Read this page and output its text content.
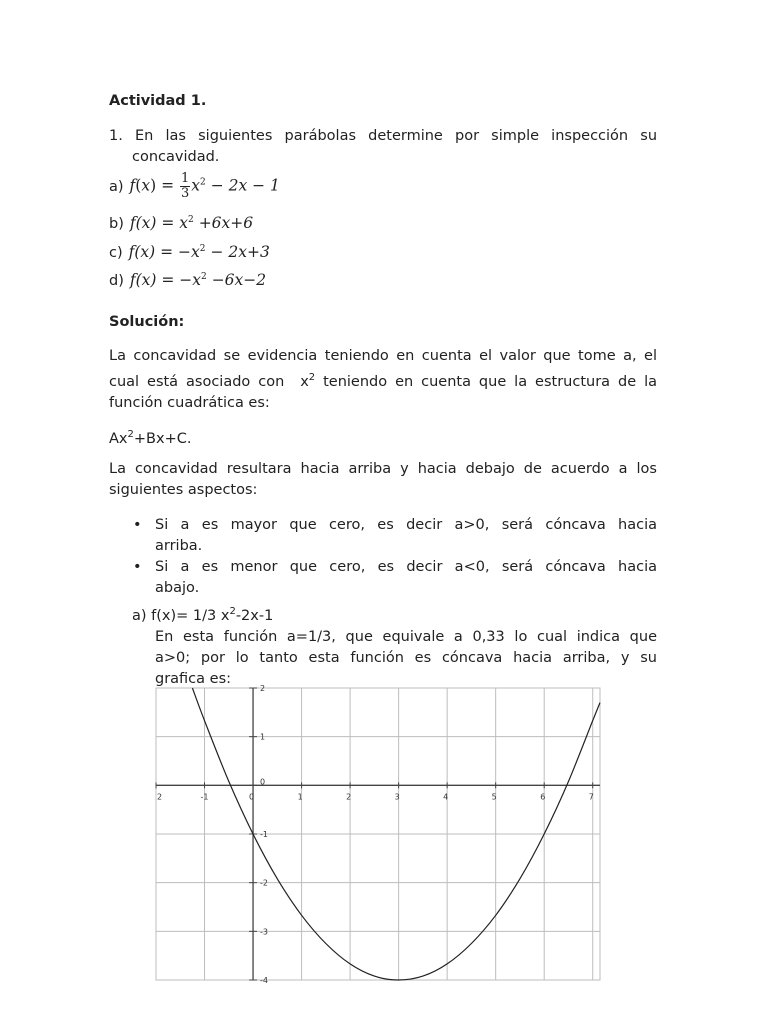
Actividad 1.
1. En las siguientes parábolas determine por simple inspección su
concavidad.
a) $f(x) = \frac{1}{3} x^2 - 2x - 1$
b) $f(x) = x^2 +6x+6$
c) $f(x) = -x^2 - 2x+3$
d) $f(x) = -x^2 -6x-2$
Solución:
La concavidad se evidencia teniendo en cuenta el valor que tome a, el
cual está asociado con $x^2$ teniendo en cuenta que la estructura de la
función cuadrática es:
$Ax^2+Bx+C$.
La concavidad resultara hacia arriba y hacia debajo de acuerdo a los
siguientes aspectos:
• Si a es mayor que cero, es decir a>0, será cóncava hacia
arriba.
• Si a es menor que cero, es decir a<0, será cóncava hacia
abajo.
a) f(x)= 1/3 $x^2-2x-1$
En esta función a=1/3, que equivale a 0,33 lo cual indica que
a>0; por lo tanto esta función es cóncava hacia arriba, y su
grafica es:
2	-1	0	1	2	3	4	5	6	7
2
1
-1
-2
-3
-4
0
